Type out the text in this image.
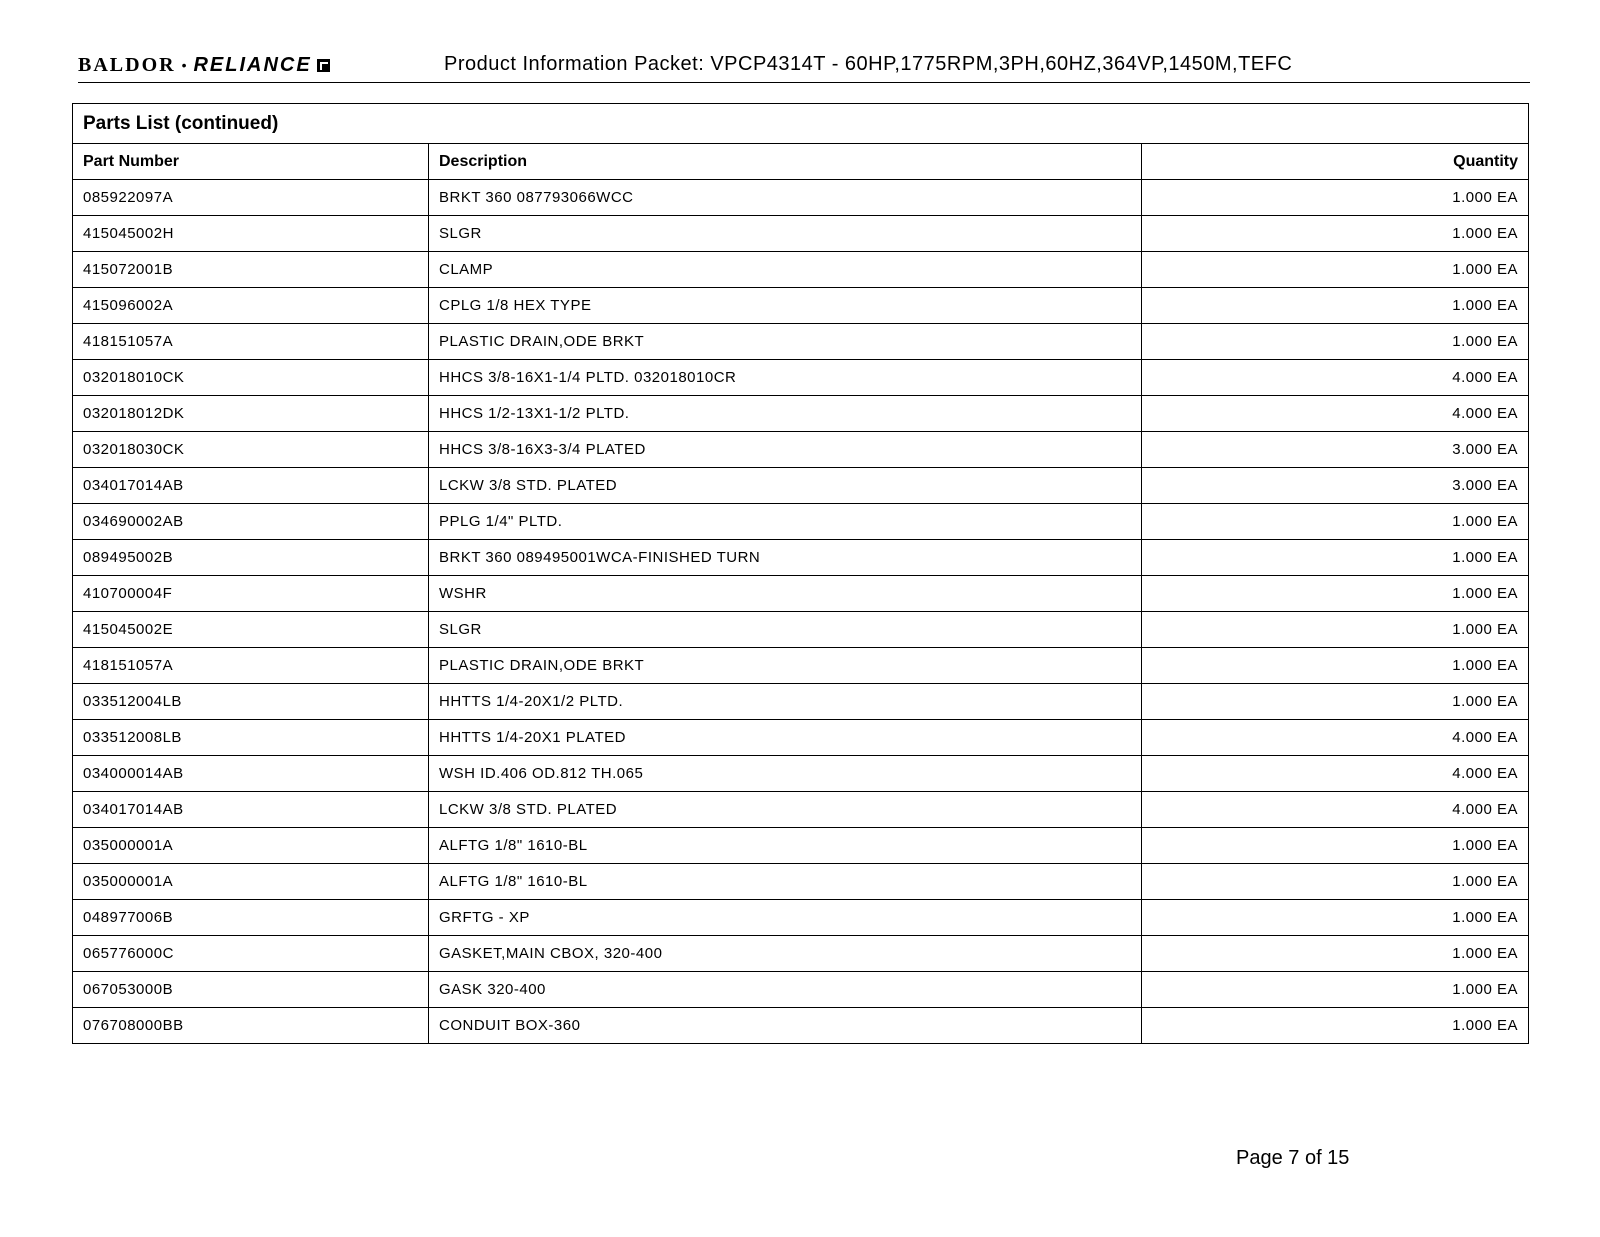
BALDOR • RELIANCE	Product Information Packet: VPCP4314T - 60HP,1775RPM,3PH,60HZ,364VP,1450M,TEFC
Parts List (continued)		
Part Number	Description	Quantity
085922097A	BRKT 360 087793066WCC	1.000 EA
415045002H	SLGR	1.000 EA
415072001B	CLAMP	1.000 EA
415096002A	CPLG 1/8 HEX TYPE	1.000 EA
418151057A	PLASTIC DRAIN,ODE BRKT	1.000 EA
032018010CK	HHCS 3/8-16X1-1/4 PLTD. 032018010CR	4.000 EA
032018012DK	HHCS 1/2-13X1-1/2 PLTD.	4.000 EA
032018030CK	HHCS 3/8-16X3-3/4 PLATED	3.000 EA
034017014AB	LCKW 3/8 STD. PLATED	3.000 EA
034690002AB	PPLG 1/4" PLTD.	1.000 EA
089495002B	BRKT 360 089495001WCA-FINISHED TURN	1.000 EA
410700004F	WSHR	1.000 EA
415045002E	SLGR	1.000 EA
418151057A	PLASTIC DRAIN,ODE BRKT	1.000 EA
033512004LB	HHTTS 1/4-20X1/2 PLTD.	1.000 EA
033512008LB	HHTTS 1/4-20X1 PLATED	4.000 EA
034000014AB	WSH ID.406 OD.812 TH.065	4.000 EA
034017014AB	LCKW 3/8 STD. PLATED	4.000 EA
035000001A	ALFTG 1/8" 1610-BL	1.000 EA
035000001A	ALFTG 1/8" 1610-BL	1.000 EA
048977006B	GRFTG - XP	1.000 EA
065776000C	GASKET,MAIN CBOX, 320-400	1.000 EA
067053000B	GASK 320-400	1.000 EA
076708000BB	CONDUIT BOX-360	1.000 EA
Page 7 of 15
